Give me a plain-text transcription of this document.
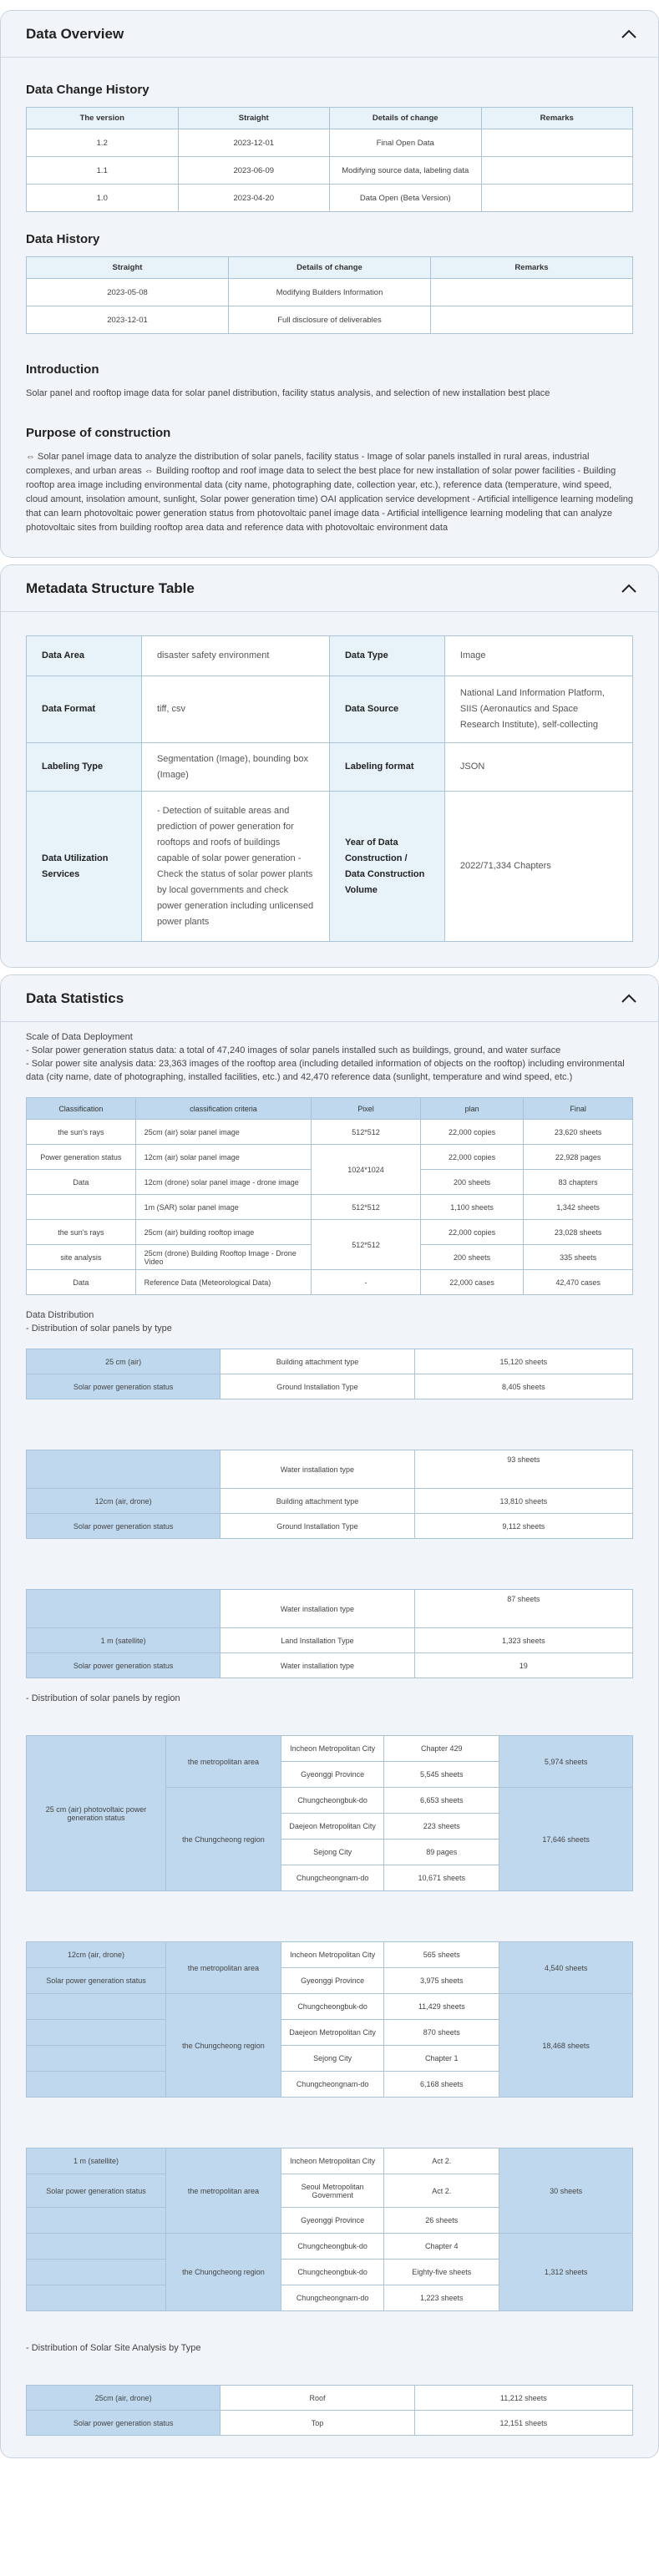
Data Overview
Data Change History
The version	Straight	Details of change	Remarks
1.2	2023-12-01	Final Open Data	
1.1	2023-06-09	Modifying source data, labeling data	
1.0	2023-04-20	Data Open (Beta Version)	
Data History
Straight	Details of change	Remarks
2023-05-08	Modifying Builders Information	
2023-12-01	Full disclosure of deliverables	
Introduction

Solar panel and rooftop image data for solar panel distribution, facility status analysis, and selection of new installation best place

Purpose of construction

⇔ Solar panel image data to analyze the distribution of solar panels, facility status - Image of solar panels installed in rural areas, industrial complexes, and urban areas ⇔ Building rooftop and roof image data to select the best place for new installation of solar power facilities - Building rooftop area image including environmental data (city name, photographing date, collection year, etc.), reference data (temperature, wind speed, cloud amount, insolation amount, sunlight, Solar power generation time) OAI application service development - Artificial intelligence learning modeling that can learn photovoltaic power generation status from photovoltaic panel image data - Artificial intelligence learning modeling that can analyze photovoltaic sites from building rooftop area data and reference data with photovoltaic environment data

Metadata Structure Table
Data Area	disaster safety environment	Data Type	Image
Data Format	tiff, csv	Data Source	National Land Information Platform, SIIS (Aeronautics and Space Research Institute), self-collecting
Labeling Type	Segmentation (Image), bounding box (Image)	Labeling format	JSON
Data Utilization Services	- Detection of suitable areas and prediction of power generation for rooftops and roofs of buildings capable of solar power generation - Check the status of solar power plants by local governments and check power generation including unlicensed power plants	Year of Data Construction / Data Construction Volume	2022/71,334 Chapters
Data Statistics
Scale of Data Deployment
- Solar power generation status data: a total of 47,240 images of solar panels installed such as buildings, ground, and water surface
- Solar power site analysis data: 23,363 images of the rooftop area (including detailed information of objects on the rooftop) including environmental data (city name, date of photographing, installed facilities, etc.) and 42,470 reference data (sunlight, temperature and wind speed, etc.)
Classification	classification criteria	Pixel	plan	Final
the sun's rays	25cm (air) solar panel image	512*512	22,000 copies	23,620 sheets
Power generation status	12cm (air) solar panel image	1024*1024	22,000 copies	22,928 pages
Data	12cm (drone) solar panel image - drone image		200 sheets	83 chapters
	1m (SAR) solar panel image	512*512	1,100 sheets	1,342 sheets
the sun's rays	25cm (air) building rooftop image	512*512	22,000 copies	23,028 sheets
site analysis	25cm (drone) Building Rooftop Image - Drone Video		200 sheets	335 sheets
Data	Reference Data (Meteorological Data)	-	22,000 cases	42,470 cases
Data Distribution
- Distribution of solar panels by type
25 cm (air)	Building attachment type	15,120 sheets
Solar power generation status	Ground Installation Type	8,405 sheets
	Water installation type	93 sheets
12cm (air, drone)	Building attachment type	13,810 sheets
Solar power generation status	Ground Installation Type	9,112 sheets
	Water installation type	87 sheets
1 m (satellite)	Land Installation Type	1,323 sheets
Solar power generation status	Water installation type	19
- Distribution of solar panels by region
25 cm (air) photovoltaic power generation status	the metropolitan area	Incheon Metropolitan City	Chapter 429	5,974 sheets
		Gyeonggi Province	5,545 sheets	
	the Chungcheong region	Chungcheongbuk-do	6,653 sheets	17,646 sheets
		Daejeon Metropolitan City	223 sheets	
		Sejong City	89 pages	
		Chungcheongnam-do	10,671 sheets	
12cm (air, drone)	the metropolitan area	Incheon Metropolitan City	565 sheets	4,540 sheets
Solar power generation status		Gyeonggi Province	3,975 sheets	
	the Chungcheong region	Chungcheongbuk-do	11,429 sheets	18,468 sheets
		Daejeon Metropolitan City	870 sheets	
		Sejong City	Chapter 1	
		Chungcheongnam-do	6,168 sheets	
1 m (satellite)	the metropolitan area	Incheon Metropolitan City	Act 2.	30 sheets
Solar power generation status		Seoul Metropolitan Government	Act 2.	
		Gyeonggi Province	26 sheets	
	the Chungcheong region	Chungcheongbuk-do	Chapter 4	1,312 sheets
		Chungcheongbuk-do	Eighty-five sheets	
		Chungcheongnam-do	1,223 sheets	
- Distribution of Solar Site Analysis by Type
25cm (air, drone)	Roof	11,212 sheets
Solar power generation status	Top	12,151 sheets
